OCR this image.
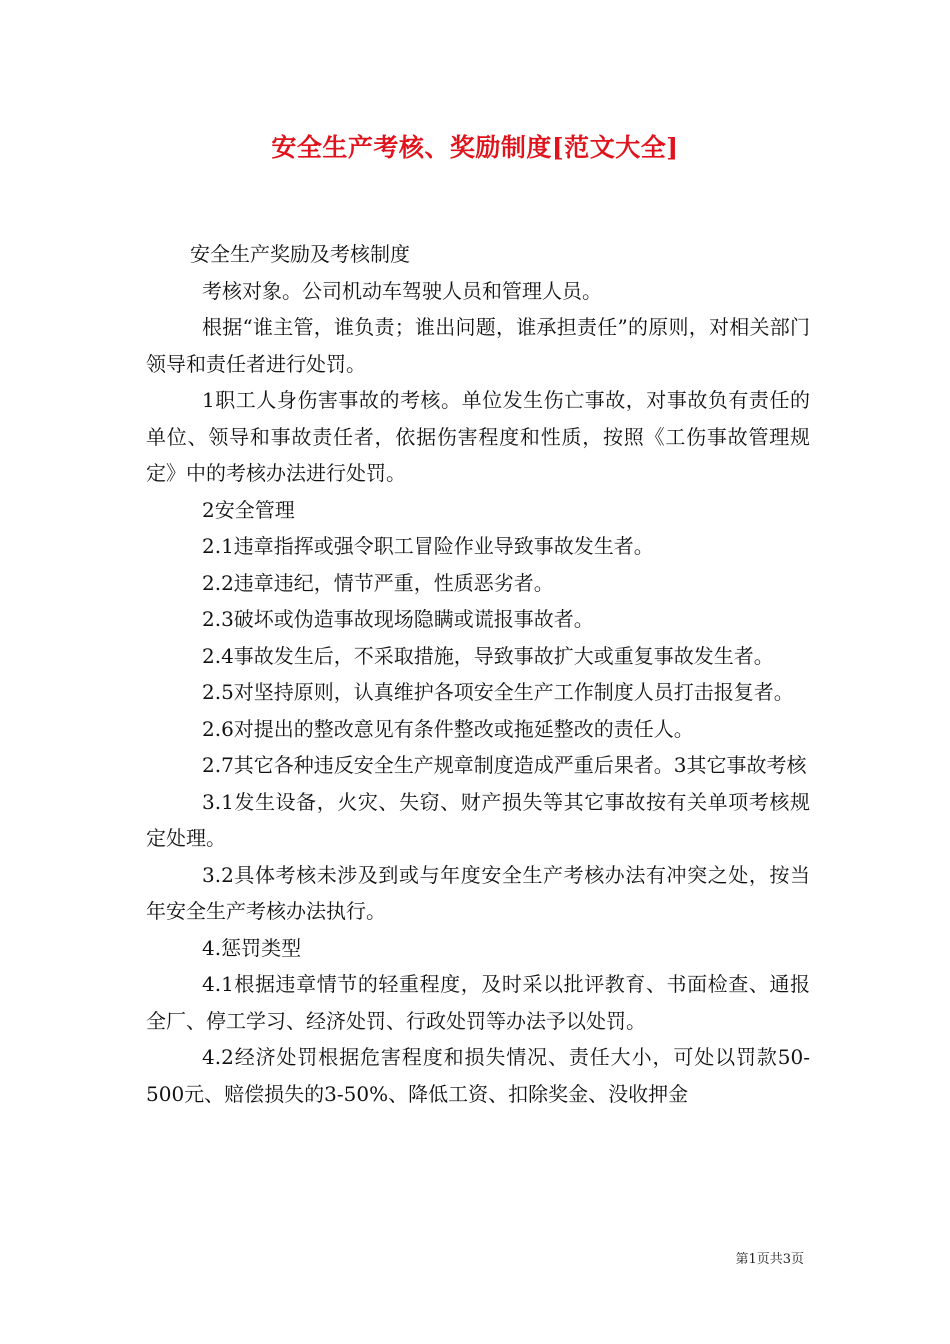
安全生产考核、奖励制度[范文大全]

安全生产奖励及考核制度

考核对象。公司机动车驾驶人员和管理人员。

根据“谁主管，谁负责；谁出问题，谁承担责任”的原则，对相关部门领导和责任者进行处罚。

1职工人身伤害事故的考核。单位发生伤亡事故，对事故负有责任的单位、领导和事故责任者，依据伤害程度和性质，按照《工伤事故管理规定》中的考核办法进行处罚。

2安全管理

2.1违章指挥或强令职工冒险作业导致事故发生者。

2.2违章违纪，情节严重，性质恶劣者。

2.3破坏或伪造事故现场隐瞒或谎报事故者。

2.4事故发生后，不采取措施，导致事故扩大或重复事故发生者。

2.5对坚持原则，认真维护各项安全生产工作制度人员打击报复者。

2.6对提出的整改意见有条件整改或拖延整改的责任人。

2.7其它各种违反安全生产规章制度造成严重后果者。3其它事故考核

3.1发生设备，火灾、失窃、财产损失等其它事故按有关单项考核规定处理。

3.2具体考核未涉及到或与年度安全生产考核办法有冲突之处，按当年安全生产考核办法执行。

4.惩罚类型

4.1根据违章情节的轻重程度，及时采以批评教育、书面检查、通报全厂、停工学习、经济处罚、行政处罚等办法予以处罚。

4.2经济处罚根据危害程度和损失情况、责任大小，可处以罚款50-500元、赔偿损失的3-50%、降低工资、扣除奖金、没收押金

第1页共3页
